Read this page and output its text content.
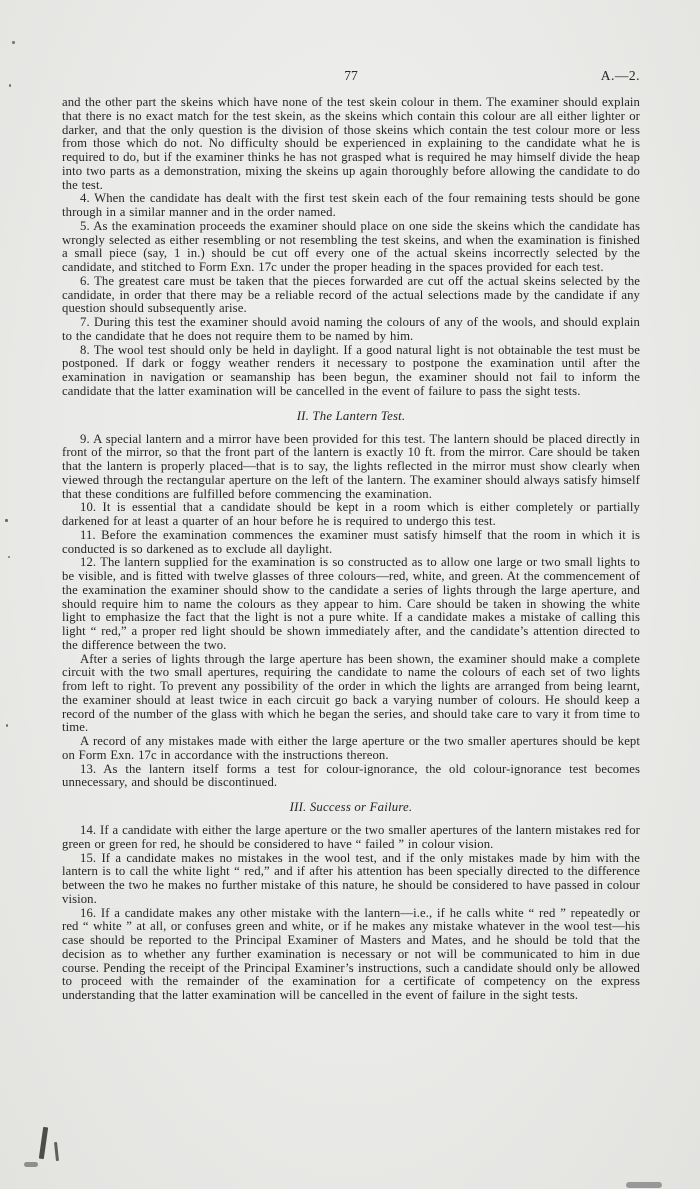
77	A.—2.

and the other part the skeins which have none of the test skein colour in them. The examiner should explain that there is no exact match for the test skein, as the skeins which contain this colour are all either lighter or darker, and that the only question is the division of those skeins which contain the test colour more or less from those which do not. No difficulty should be experienced in explaining to the candidate what he is required to do, but if the examiner thinks he has not grasped what is required he may himself divide the heap into two parts as a demonstration, mixing the skeins up again thoroughly before allowing the candidate to do the test.

4. When the candidate has dealt with the first test skein each of the four remaining tests should be gone through in a similar manner and in the order named.

5. As the examination proceeds the examiner should place on one side the skeins which the candidate has wrongly selected as either resembling or not resembling the test skeins, and when the examination is finished a small piece (say, 1 in.) should be cut off every one of the actual skeins incorrectly selected by the candidate, and stitched to Form Exn. 17c under the proper heading in the spaces provided for each test.

6. The greatest care must be taken that the pieces forwarded are cut off the actual skeins selected by the candidate, in order that there may be a reliable record of the actual selections made by the candidate if any question should subsequently arise.

7. During this test the examiner should avoid naming the colours of any of the wools, and should explain to the candidate that he does not require them to be named by him.

8. The wool test should only be held in daylight. If a good natural light is not obtainable the test must be postponed. If dark or foggy weather renders it necessary to postpone the examination until after the examination in navigation or seamanship has been begun, the examiner should not fail to inform the candidate that the latter examination will be cancelled in the event of failure to pass the sight tests.

II. The Lantern Test.

9. A special lantern and a mirror have been provided for this test. The lantern should be placed directly in front of the mirror, so that the front part of the lantern is exactly 10 ft. from the mirror. Care should be taken that the lantern is properly placed—that is to say, the lights reflected in the mirror must show clearly when viewed through the rectangular aperture on the left of the lantern. The examiner should always satisfy himself that these conditions are fulfilled before commencing the examination.

10. It is essential that a candidate should be kept in a room which is either completely or partially darkened for at least a quarter of an hour before he is required to undergo this test.

11. Before the examination commences the examiner must satisfy himself that the room in which it is conducted is so darkened as to exclude all daylight.

12. The lantern supplied for the examination is so constructed as to allow one large or two small lights to be visible, and is fitted with twelve glasses of three colours—red, white, and green. At the commencement of the examination the examiner should show to the candidate a series of lights through the large aperture, and should require him to name the colours as they appear to him. Care should be taken in showing the white light to emphasize the fact that the light is not a pure white. If a candidate makes a mistake of calling this light “ red,” a proper red light should be shown immediately after, and the candidate’s attention directed to the difference between the two.

After a series of lights through the large aperture has been shown, the examiner should make a complete circuit with the two small apertures, requiring the candidate to name the colours of each set of two lights from left to right. To prevent any possibility of the order in which the lights are arranged from being learnt, the examiner should at least twice in each circuit go back a varying number of colours. He should keep a record of the number of the glass with which he began the series, and should take care to vary it from time to time.

A record of any mistakes made with either the large aperture or the two smaller apertures should be kept on Form Exn. 17c in accordance with the instructions thereon.

13. As the lantern itself forms a test for colour-ignorance, the old colour-ignorance test becomes unnecessary, and should be discontinued.

III. Success or Failure.

14. If a candidate with either the large aperture or the two smaller apertures of the lantern mistakes red for green or green for red, he should be considered to have “ failed ” in colour vision.

15. If a candidate makes no mistakes in the wool test, and if the only mistakes made by him with the lantern is to call the white light “ red,” and if after his attention has been specially directed to the difference between the two he makes no further mistake of this nature, he should be considered to have passed in colour vision.

16. If a candidate makes any other mistake with the lantern—i.e., if he calls white “ red ” repeatedly or red “ white ” at all, or confuses green and white, or if he makes any mistake whatever in the wool test—his case should be reported to the Principal Examiner of Masters and Mates, and he should be told that the decision as to whether any further examination is necessary or not will be communicated to him in due course. Pending the receipt of the Principal Examiner’s instructions, such a candidate should only be allowed to proceed with the remainder of the examination for a certificate of competency on the express understanding that the latter examination will be cancelled in the event of failure in the sight tests.
